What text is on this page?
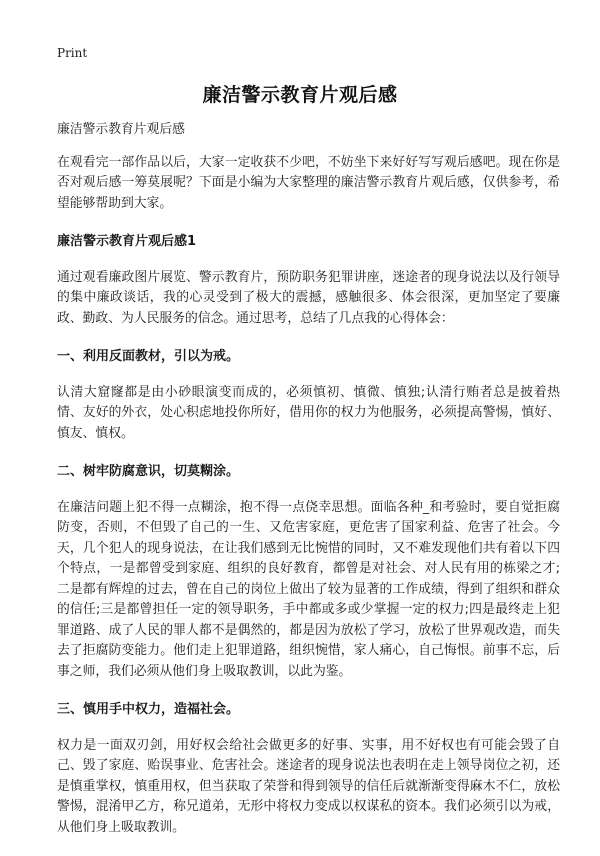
Print
廉洁警示教育片观后感

廉洁警示教育片观后感

在观看完一部作品以后，大家一定收获不少吧，不妨坐下来好好写写观后感吧。现在你是否对观后感一筹莫展呢？下面是小编为大家整理的廉洁警示教育片观后感，仅供参考，希望能够帮助到大家。

廉洁警示教育片观后感1

通过观看廉政图片展览、警示教育片，预防职务犯罪讲座，迷途者的现身说法以及行领导的集中廉政谈话，我的心灵受到了极大的震撼，感触很多、体会很深，更加坚定了要廉政、勤政、为人民服务的信念。通过思考，总结了几点我的心得体会：

一、利用反面教材，引以为戒。

认清大窟窿都是由小砂眼演变而成的，必须慎初、慎微、慎独;认清行贿者总是披着热情、友好的外衣，处心积虑地投你所好，借用你的权力为他服务，必须提高警惕，慎好、慎友、慎权。

二、树牢防腐意识，切莫糊涂。

在廉洁问题上犯不得一点糊涂，抱不得一点侥幸思想。面临各种_和考验时，要自觉拒腐防变，否则，不但毁了自己的一生、又危害家庭，更危害了国家利益、危害了社会。今天，几个犯人的现身说法，在让我们感到无比惋惜的同时，又不难发现他们共有着以下四个特点，一是都曾受到家庭、组织的良好教育，都曾是对社会、对人民有用的栋梁之才;二是都有辉煌的过去，曾在自己的岗位上做出了较为显著的工作成绩，得到了组织和群众的信任;三是都曾担任一定的领导职务，手中都或多或少掌握一定的权力;四是最终走上犯罪道路、成了人民的罪人都不是偶然的，都是因为放松了学习，放松了世界观改造，而失去了拒腐防变能力。他们走上犯罪道路，组织惋惜，家人痛心，自己悔恨。前事不忘，后事之师，我们必须从他们身上吸取教训，以此为鉴。

三、慎用手中权力，造福社会。

权力是一面双刃剑，用好权会给社会做更多的好事、实事，用不好权也有可能会毁了自己、毁了家庭、贻误事业、危害社会。迷途者的现身说法也表明在走上领导岗位之初，还是慎重掌权，慎重用权，但当获取了荣誉和得到领导的信任后就渐渐变得麻木不仁，放松警惕，混淆甲乙方，称兄道弟，无形中将权力变成以权谋私的资本。我们必须引以为戒，从他们身上吸取教训。
